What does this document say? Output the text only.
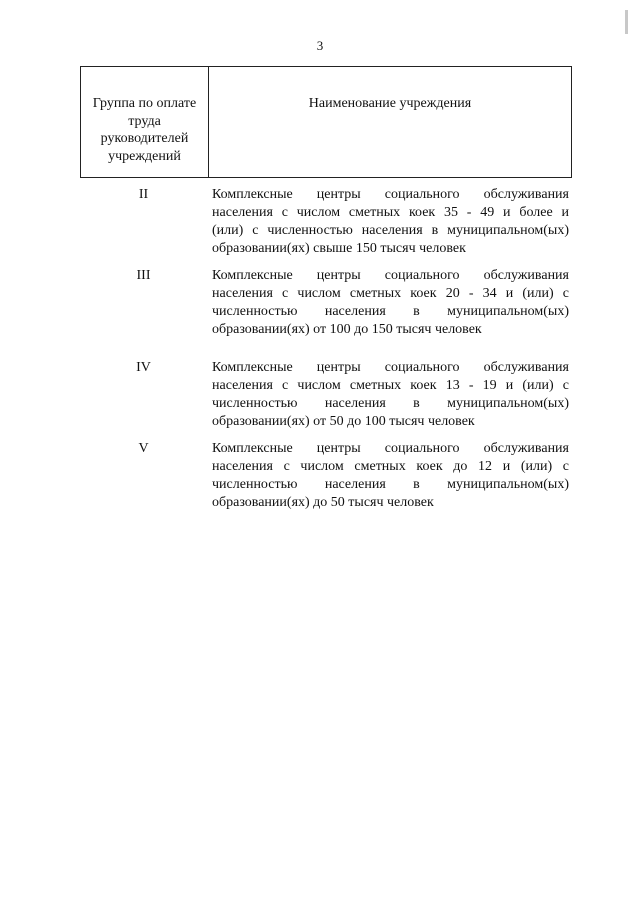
3
Группа по оплате
труда
руководителей
учреждений
Наименование учреждения
II	Комплексные центры социального обслуживания
населения с числом сметных коек 35 - 49 и более и
(или) с численностью населения в муниципальном(ых)
образовании(ях) свыше 150 тысяч человек
III	Комплексные центры социального обслуживания
населения с числом сметных коек 20 - 34 и (или) с
численностью населения в муниципальном(ых)
образовании(ях) от 100 до 150 тысяч человек
IV	Комплексные центры социального обслуживания
населения с числом сметных коек 13 - 19 и (или) с
численностью населения в муниципальном(ых)
образовании(ях) от 50 до 100 тысяч человек
V	Комплексные центры социального обслуживания
населения с числом сметных коек до 12 и (или) с
численностью населения в муниципальном(ых)
образовании(ях) до 50 тысяч человек
